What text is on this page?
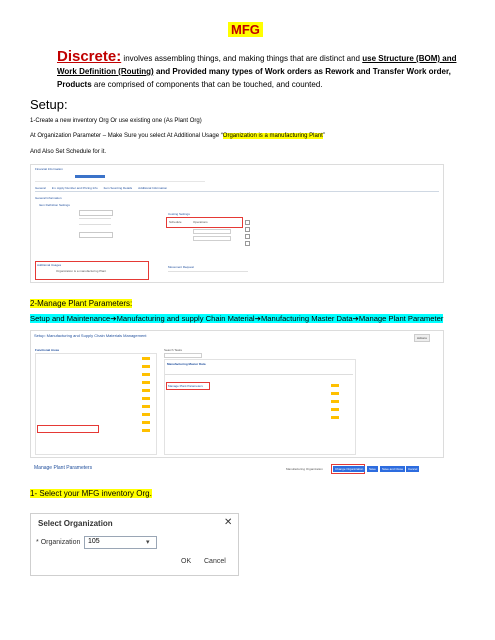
MFG
Discrete: involves assembling things, and making things that are distinct and use Structure (BOM) and Work Definition (Routing) and Provided many types of Work orders as Rework and Transfer Work order, Products are comprised of components that can be touched, and counted.
Setup:
1-Create a new inventory Org Or use existing one (As Plant Org)
At Organization Parameter – Make Sure you select At Additional Usage “Organization is a manufacturing Plant”
And Also Set Schedule for it.
Financial Information
General Inv. Apply Number and Pricing Info Item Sourcing Details Additional Information
General Information
Item Definition Settings
Costing Settings
Schedule	Operations
Additional Usages
Organization is a manufacturing Plant
Movement Request
2-Manage Plant Parameters:
Setup and Maintenance➔Manufacturing and supply Chain Material➔Manufacturing Master Data➔Manage Plant Parameter
Setup: Manufacturing and Supply Chain Materials Management	Actions
Functional Areas	Search Tasks
Manufacturing Master Data
Manage Plant Parameters
Manage Plant Parameters	Manufacturing Organization	Change Organization	Save	Save and Close	Cancel
1- Select your MFG inventory Org.
Select Organization	✕
* Organization 105	▾
OK Cancel
